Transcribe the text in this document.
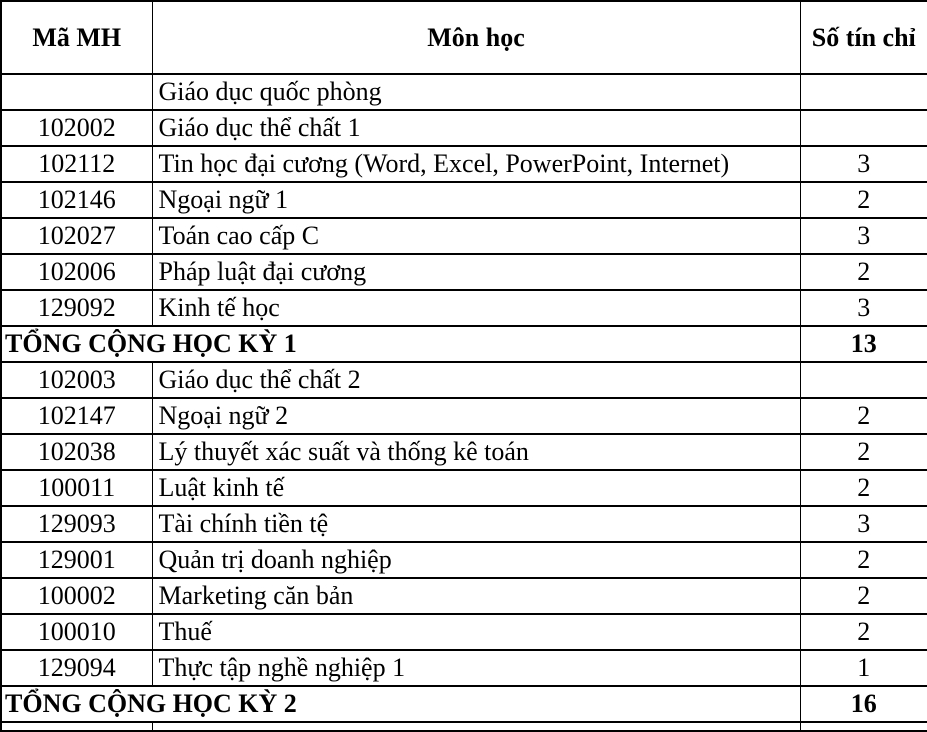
Mã MH	Môn học	Số tín chỉ
	Giáo dục quốc phòng	
102002	Giáo dục thể chất 1	
102112	Tin học đại cương (Word, Excel, PowerPoint, Internet)	3
102146	Ngoại ngữ 1	2
102027	Toán cao cấp C	3
102006	Pháp luật đại cương	2
129092	Kinh tế học	3
TỔNG CỘNG HỌC KỲ 1		13
102003	Giáo dục thể chất 2	
102147	Ngoại ngữ 2	2
102038	Lý thuyết xác suất và thống kê toán	2
100011	Luật kinh tế	2
129093	Tài chính tiền tệ	3
129001	Quản trị doanh nghiệp	2
100002	Marketing căn bản	2
100010	Thuế	2
129094	Thực tập nghề nghiệp 1	1
TỔNG CỘNG HỌC KỲ 2		16
